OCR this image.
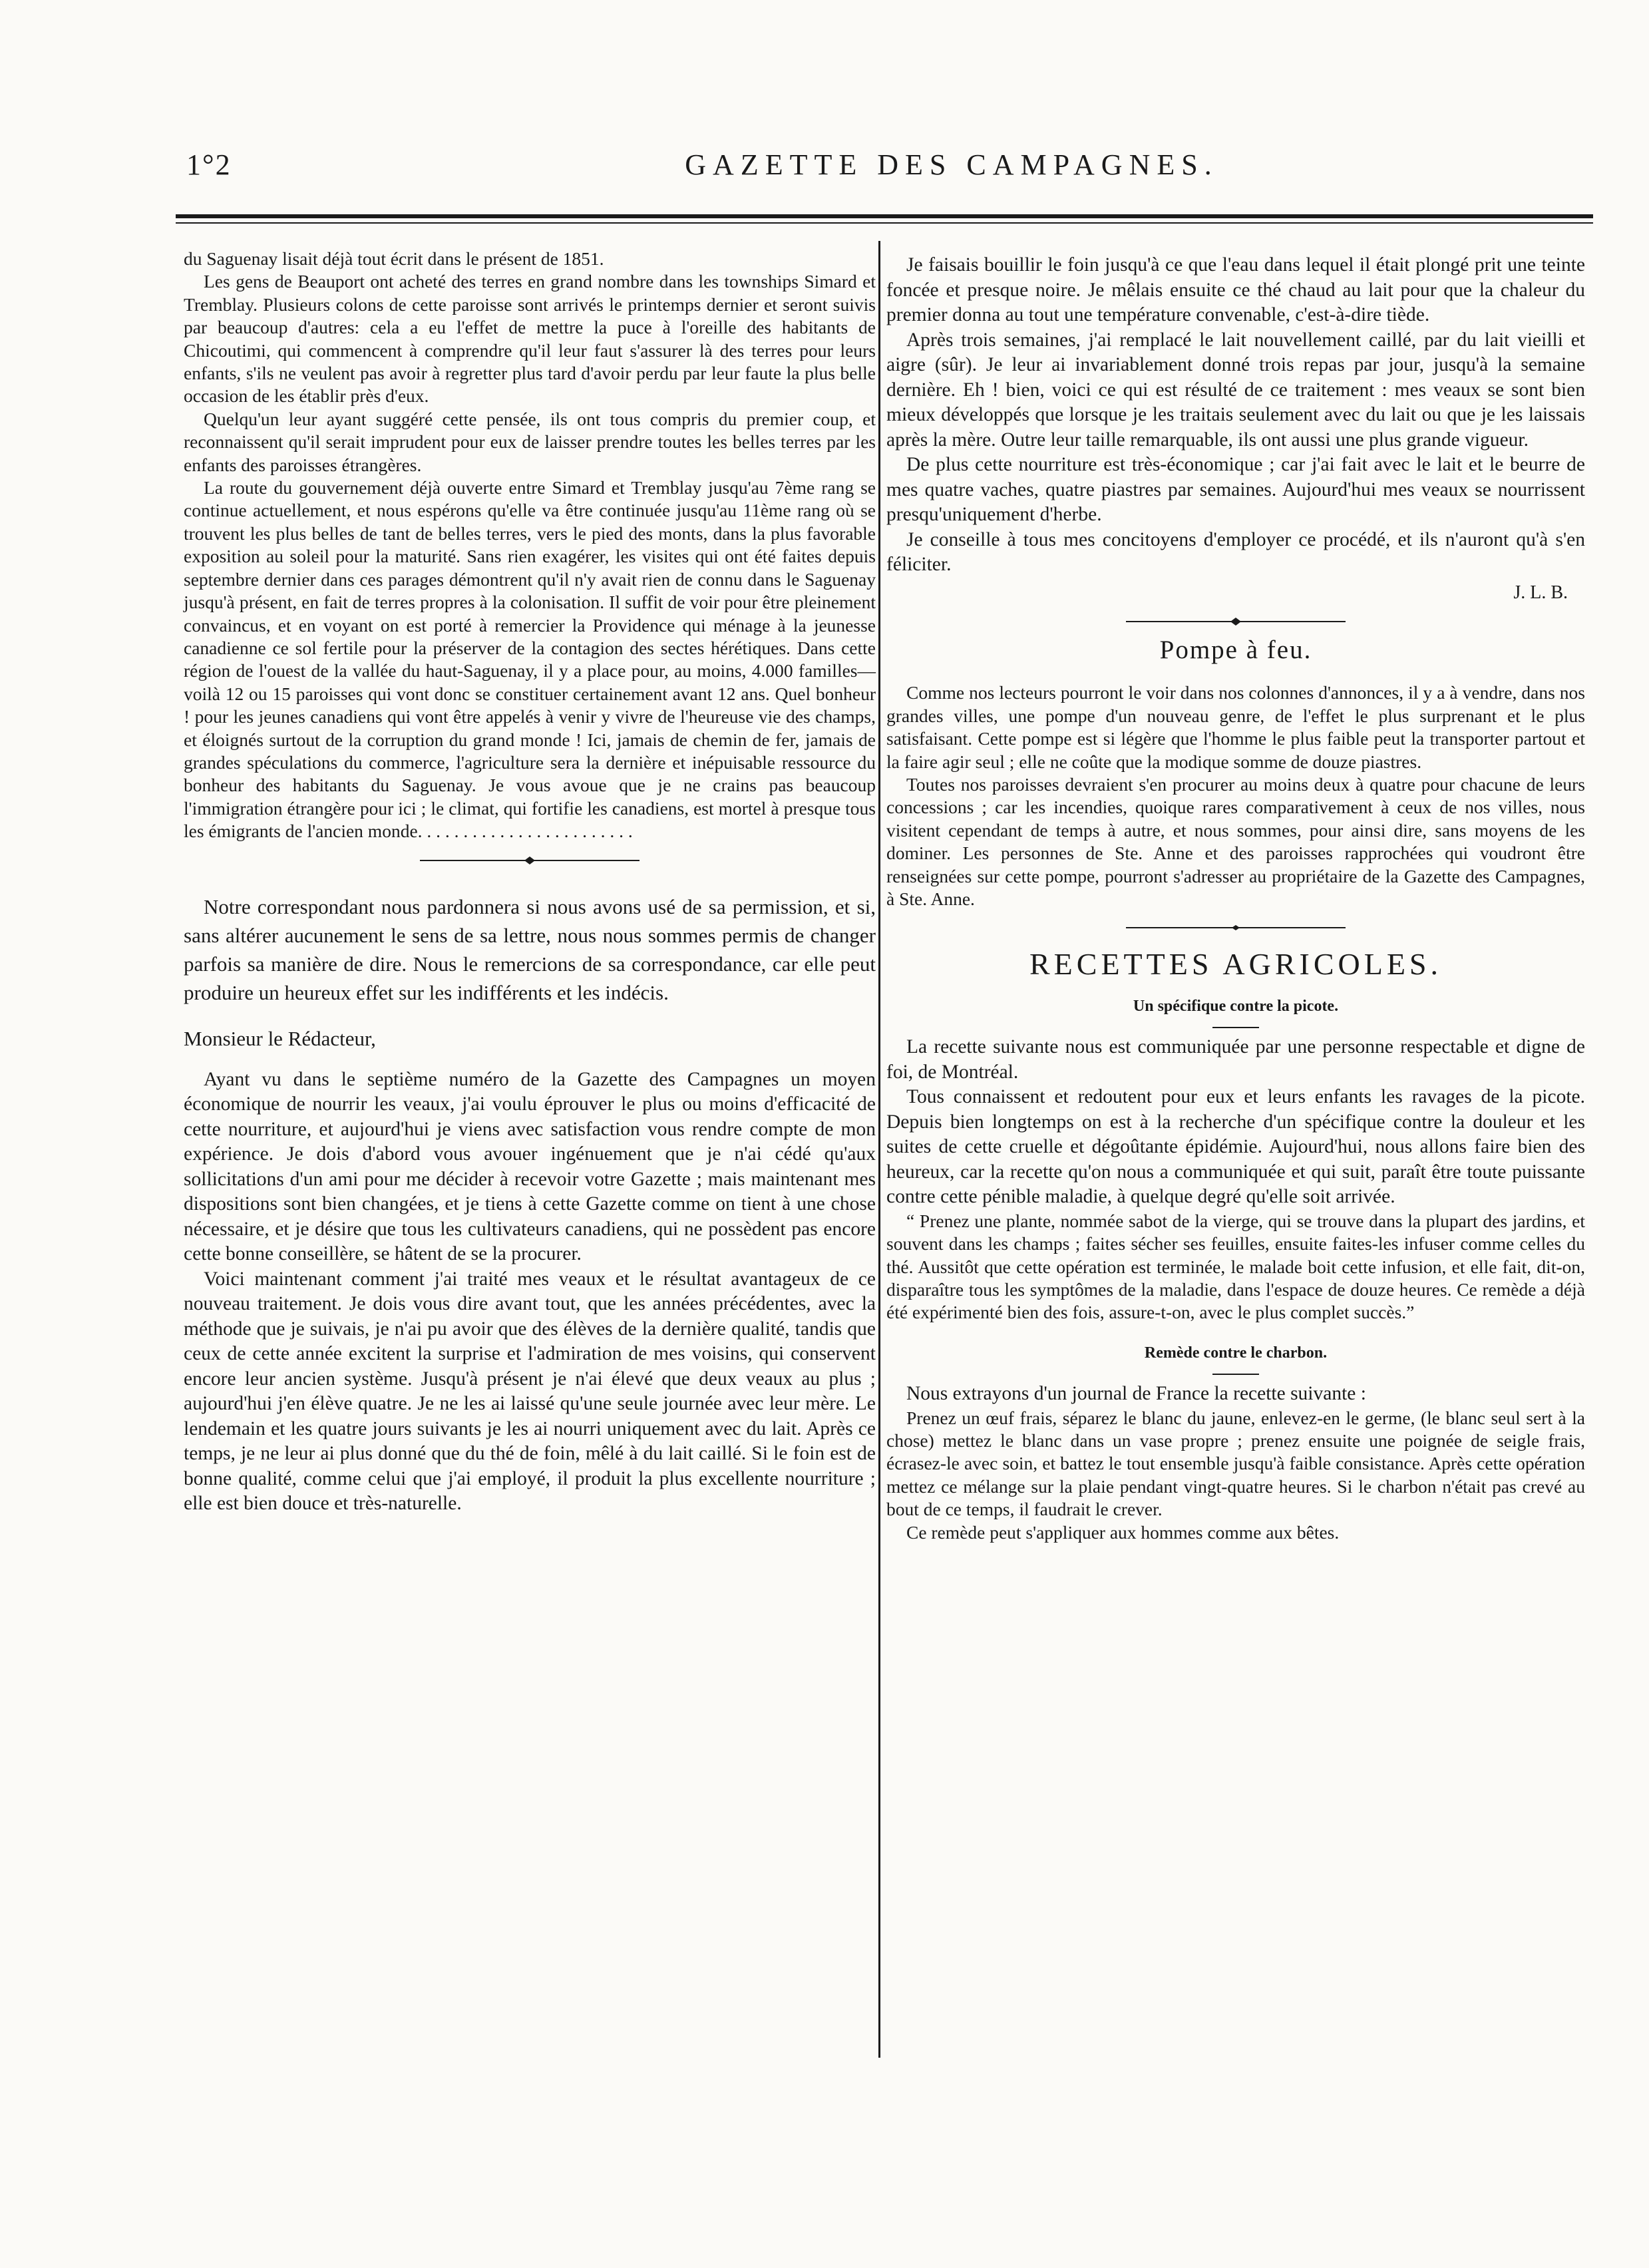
1°2	GAZETTE DES CAMPAGNES.

du Saguenay lisait déjà tout écrit dans le présent de 1851.

Les gens de Beauport ont acheté des terres en grand nombre dans les townships Simard et Tremblay. Plusieurs colons de cette paroisse sont arrivés le printemps dernier et seront suivis par beaucoup d'autres: cela a eu l'effet de mettre la puce à l'oreille des habitants de Chicoutimi, qui commencent à comprendre qu'il leur faut s'assurer là des terres pour leurs enfants, s'ils ne veulent pas avoir à regretter plus tard d'avoir perdu par leur faute la plus belle occasion de les établir près d'eux.

Quelqu'un leur ayant suggéré cette pensée, ils ont tous compris du premier coup, et reconnaissent qu'il serait imprudent pour eux de laisser prendre toutes les belles terres par les enfants des paroisses étrangères.

La route du gouvernement déjà ouverte entre Simard et Tremblay jusqu'au 7ème rang se continue actuellement, et nous espérons qu'elle va être continuée jusqu'au 11ème rang où se trouvent les plus belles de tant de belles terres, vers le pied des monts, dans la plus favorable exposition au soleil pour la maturité. Sans rien exagérer, les visites qui ont été faites depuis septembre dernier dans ces parages démontrent qu'il n'y avait rien de connu dans le Saguenay jusqu'à présent, en fait de terres propres à la colonisation. Il suffit de voir pour être pleinement convaincus, et en voyant on est porté à remercier la Providence qui ménage à la jeunesse canadienne ce sol fertile pour la préserver de la contagion des sectes hérétiques. Dans cette région de l'ouest de la vallée du haut-Saguenay, il y a place pour, au moins, 4.000 familles—voilà 12 ou 15 paroisses qui vont donc se constituer certainement avant 12 ans. Quel bonheur ! pour les jeunes canadiens qui vont être appelés à venir y vivre de l'heureuse vie des champs, et éloignés surtout de la corruption du grand monde ! Ici, jamais de chemin de fer, jamais de grandes spéculations du commerce, l'agriculture sera la dernière et inépuisable ressource du bonheur des habitants du Saguenay. Je vous avoue que je ne crains pas beaucoup l'immigration étrangère pour ici ; le climat, qui fortifie les canadiens, est mortel à presque tous les émigrants de l'ancien monde. . . . . . . . . . . . . . . . . . . . . . . .

Notre correspondant nous pardonnera si nous avons usé de sa permission, et si, sans altérer aucunement le sens de sa lettre, nous nous sommes permis de changer parfois sa manière de dire. Nous le remercions de sa correspondance, car elle peut produire un heureux effet sur les indifférents et les indécis.

Monsieur le Rédacteur,

Ayant vu dans le septième numéro de la Gazette des Campagnes un moyen économique de nourrir les veaux, j'ai voulu éprouver le plus ou moins d'efficacité de cette nourriture, et aujourd'hui je viens avec satisfaction vous rendre compte de mon expérience. Je dois d'abord vous avouer ingénuement que je n'ai cédé qu'aux sollicitations d'un ami pour me décider à recevoir votre Gazette ; mais maintenant mes dispositions sont bien changées, et je tiens à cette Gazette comme on tient à une chose nécessaire, et je désire que tous les cultivateurs canadiens, qui ne possèdent pas encore cette bonne conseillère, se hâtent de se la procurer.

Voici maintenant comment j'ai traité mes veaux et le résultat avantageux de ce nouveau traitement. Je dois vous dire avant tout, que les années précédentes, avec la méthode que je suivais, je n'ai pu avoir que des élèves de la dernière qualité, tandis que ceux de cette année excitent la surprise et l'admiration de mes voisins, qui conservent encore leur ancien système. Jusqu'à présent je n'ai élevé que deux veaux au plus ; aujourd'hui j'en élève quatre. Je ne les ai laissé qu'une seule journée avec leur mère. Le lendemain et les quatre jours suivants je les ai nourri uniquement avec du lait. Après ce temps, je ne leur ai plus donné que du thé de foin, mêlé à du lait caillé. Si le foin est de bonne qualité, comme celui que j'ai employé, il produit la plus excellente nourriture ; elle est bien douce et très-naturelle.

Je faisais bouillir le foin jusqu'à ce que l'eau dans lequel il était plongé prit une teinte foncée et presque noire. Je mêlais ensuite ce thé chaud au lait pour que la chaleur du premier donna au tout une température convenable, c'est-à-dire tiède.

Après trois semaines, j'ai remplacé le lait nouvellement caillé, par du lait vieilli et aigre (sûr). Je leur ai invariablement donné trois repas par jour, jusqu'à la semaine dernière. Eh ! bien, voici ce qui est résulté de ce traitement : mes veaux se sont bien mieux développés que lorsque je les traitais seulement avec du lait ou que je les laissais après la mère. Outre leur taille remarquable, ils ont aussi une plus grande vigueur.

De plus cette nourriture est très-économique ; car j'ai fait avec le lait et le beurre de mes quatre vaches, quatre piastres par semaines. Aujourd'hui mes veaux se nourrissent presqu'uniquement d'herbe.

Je conseille à tous mes concitoyens d'employer ce procédé, et ils n'auront qu'à s'en féliciter.

J. L. B.
Pompe à feu.

Comme nos lecteurs pourront le voir dans nos colonnes d'annonces, il y a à vendre, dans nos grandes villes, une pompe d'un nouveau genre, de l'effet le plus surprenant et le plus satisfaisant. Cette pompe est si légère que l'homme le plus faible peut la transporter partout et la faire agir seul ; elle ne coûte que la modique somme de douze piastres.

Toutes nos paroisses devraient s'en procurer au moins deux à quatre pour chacune de leurs concessions ; car les incendies, quoique rares comparativement à ceux de nos villes, nous visitent cependant de temps à autre, et nous sommes, pour ainsi dire, sans moyens de les dominer. Les personnes de Ste. Anne et des paroisses rapprochées qui voudront être renseignées sur cette pompe, pourront s'adresser au propriétaire de la Gazette des Campagnes, à Ste. Anne.

RECETTES AGRICOLES.
Un spécifique contre la picote.

La recette suivante nous est communiquée par une personne respectable et digne de foi, de Montréal.

Tous connaissent et redoutent pour eux et leurs enfants les ravages de la picote. Depuis bien longtemps on est à la recherche d'un spécifique contre la douleur et les suites de cette cruelle et dégoûtante épidémie. Aujourd'hui, nous allons faire bien des heureux, car la recette qu'on nous a communiquée et qui suit, paraît être toute puissante contre cette pénible maladie, à quelque degré qu'elle soit arrivée.

“ Prenez une plante, nommée sabot de la vierge, qui se trouve dans la plupart des jardins, et souvent dans les champs ; faites sécher ses feuilles, ensuite faites-les infuser comme celles du thé. Aussitôt que cette opération est terminée, le malade boit cette infusion, et elle fait, dit-on, disparaître tous les symptômes de la maladie, dans l'espace de douze heures. Ce remède a déjà été expérimenté bien des fois, assure-t-on, avec le plus complet succès.”

Remède contre le charbon.

Nous extrayons d'un journal de France la recette suivante :

Prenez un œuf frais, séparez le blanc du jaune, enlevez-en le germe, (le blanc seul sert à la chose) mettez le blanc dans un vase propre ; prenez ensuite une poignée de seigle frais, écrasez-le avec soin, et battez le tout ensemble jusqu'à faible consistance. Après cette opération mettez ce mélange sur la plaie pendant vingt-quatre heures. Si le charbon n'était pas crevé au bout de ce temps, il faudrait le crever.

Ce remède peut s'appliquer aux hommes comme aux bêtes.
